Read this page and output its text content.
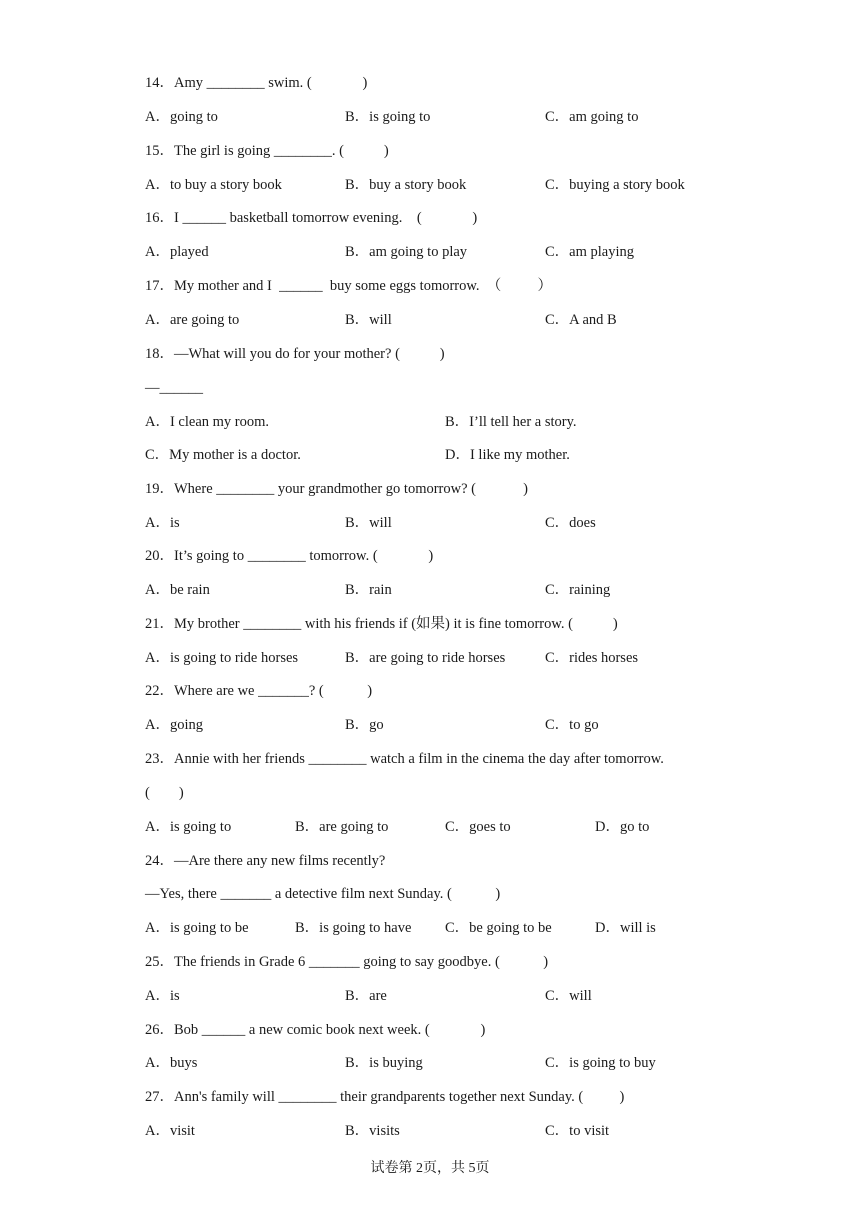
14．Amy ________ swim. (              )
A．going to	B．is going to	C．am going to
15．The girl is going ________. (           )
A．to buy a story book	B．buy a story book	C．buying a story book
16．I ______ basketball tomorrow evening.    (              )
A．played	B．am going to play	C．am playing
17．My mother and I  ______  buy some eggs tomorrow.  （          ）
A．are going to	B．will	C．A and B
18．—What will you do for your mother? (           )
—______
A．I clean my room.	B．I’ll tell her a story.
C．My mother is a doctor.	D．I like my mother.
19．Where ________ your grandmother go tomorrow? (             )
A．is	B．will	C．does
20．It’s going to ________ tomorrow. (              )
A．be rain	B．rain	C．raining
21．My brother ________ with his friends if (如果) it is fine tomorrow. (           )
A．is going to ride horses	B．are going to ride horses	C．rides horses
22．Where are we _______? (            )
A．going	B．go	C．to go
23．Annie with her friends ________ watch a film in the cinema the day after tomorrow.
(        )
A．is going to	B．are going to	C．goes to	D．go to
24．—Are there any new films recently?
—Yes, there _______ a detective film next Sunday. (            )
A．is going to be	B．is going to have C．be going to be	D．will is
25．The friends in Grade 6 _______ going to say goodbye. (            )
A．is	B．are	C．will
26．Bob ______ a new comic book next week. (              )
A．buys	B．is buying	C．is going to buy
27．Ann's family will ________ their grandparents together next Sunday. (          )
A．visit	B．visits	C．to visit
试卷第 2页，共 5页
